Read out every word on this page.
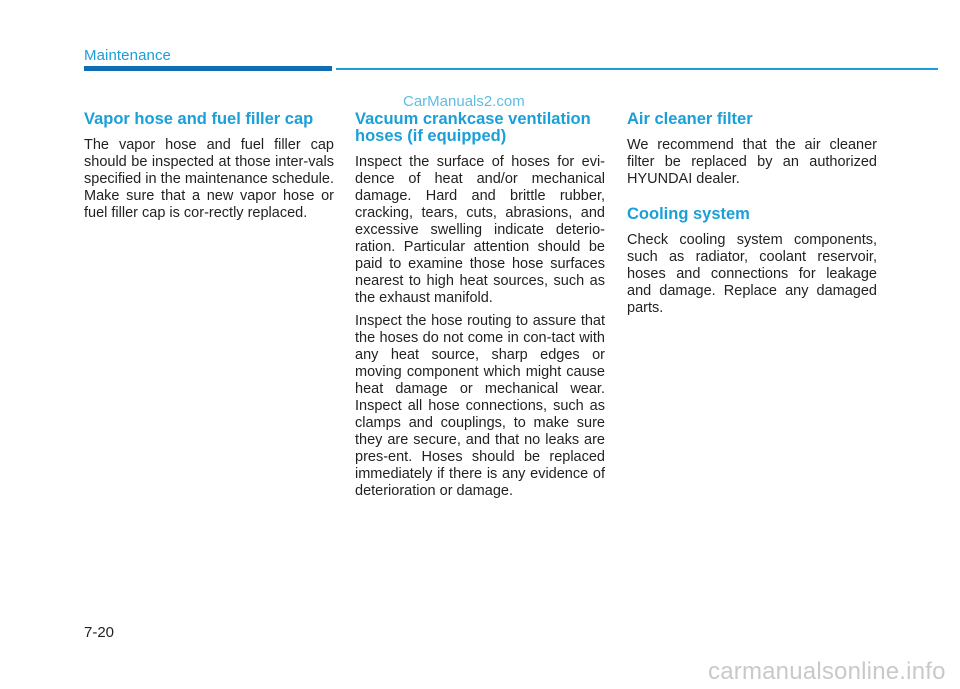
Maintenance
CarManuals2.com
Vapor hose and fuel filler cap

The vapor hose and fuel filler cap should be inspected at those inter-vals specified in the maintenance schedule. Make sure that a new vapor hose or fuel filler cap is cor-rectly replaced.

Vacuum crankcase ventilation hoses (if equipped)

Inspect the surface of hoses for evi-dence of heat and/or mechanical damage. Hard and brittle rubber, cracking, tears, cuts, abrasions, and excessive swelling indicate deterio-ration. Particular attention should be paid to examine those hose surfaces nearest to high heat sources, such as the exhaust manifold.

Inspect the hose routing to assure that the hoses do not come in con-tact with any heat source, sharp edges or moving component which might cause heat damage or mechanical wear. Inspect all hose connections, such as clamps and couplings, to make sure they are secure, and that no leaks are pres-ent. Hoses should be replaced immediately if there is any evidence of deterioration or damage.

Air cleaner filter

We recommend that the air cleaner filter be replaced by an authorized HYUNDAI dealer.

Cooling system

Check cooling system components, such as radiator, coolant reservoir, hoses and connections for leakage and damage. Replace any damaged parts.

7-20
carmanualsonline.info
